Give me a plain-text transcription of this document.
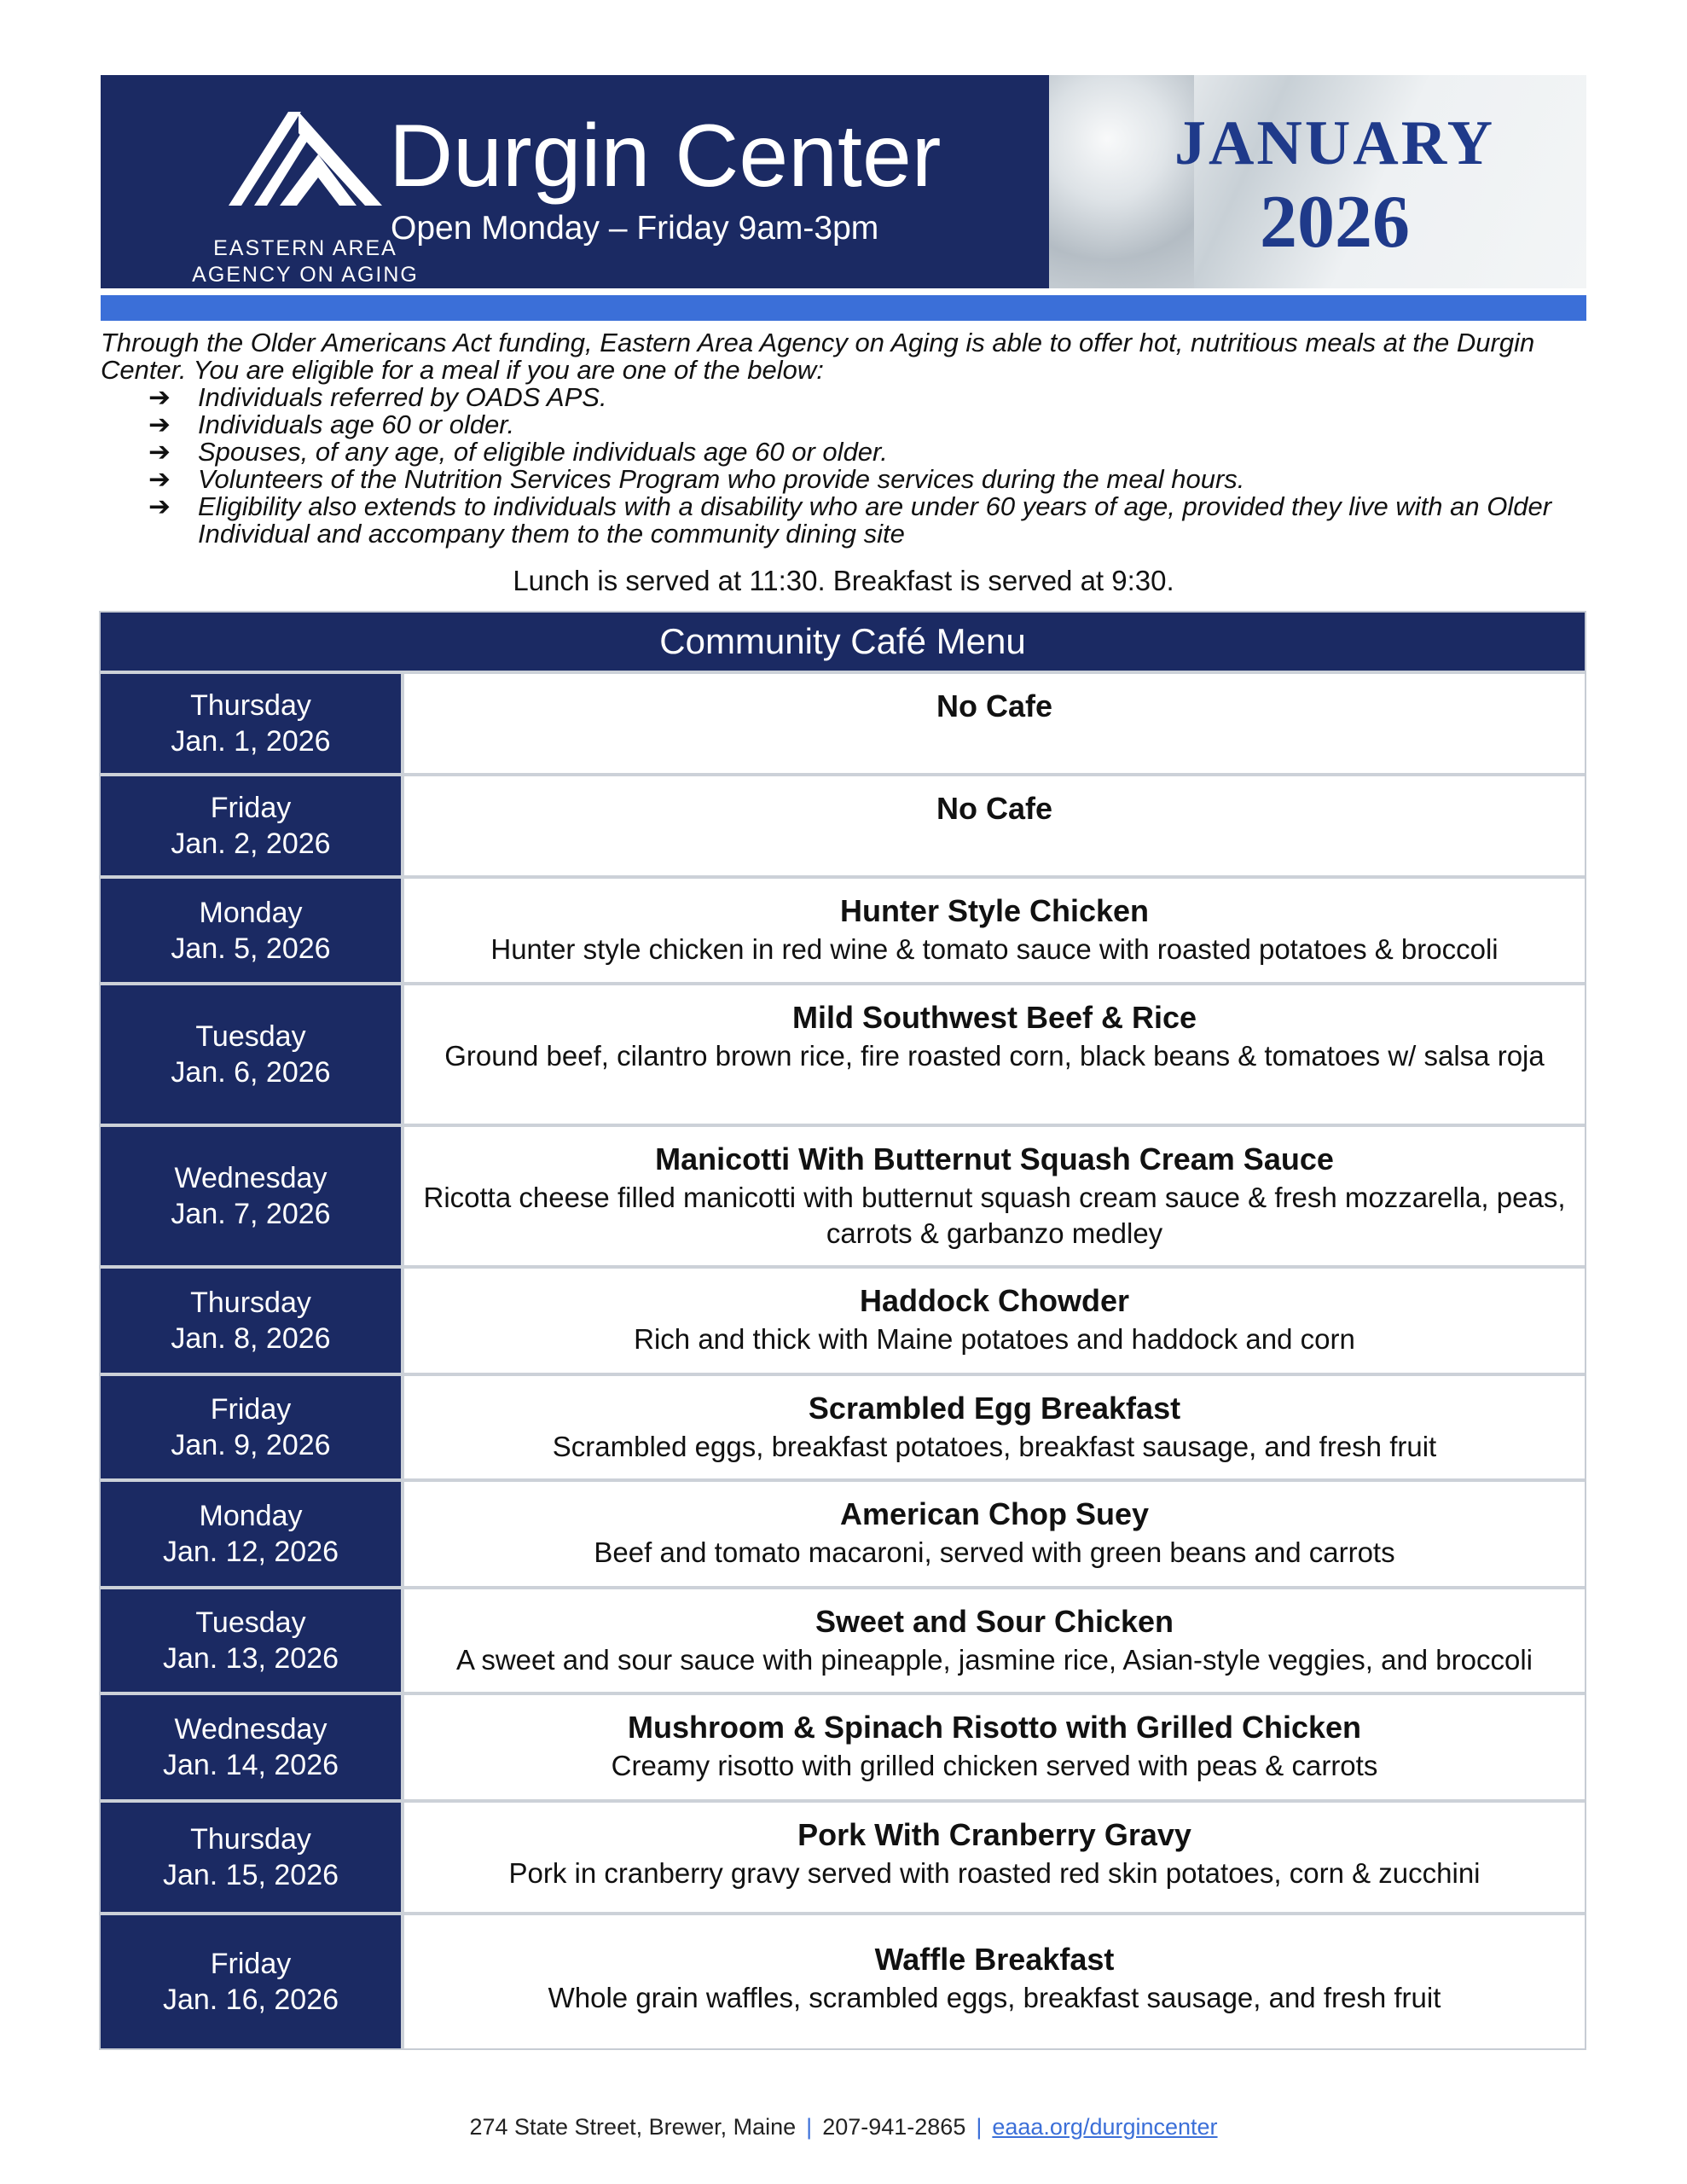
EASTERN AREA
AGENCY ON AGING
Durgin Center
Open Monday – Friday 9am-3pm
JANUARY
2026
Through the Older Americans Act funding, Eastern Area Agency on Aging is able to offer hot, nutritious meals at the Durgin Center. You are eligible for a meal if you are one of the below:
➔ Individuals referred by OADS APS.
➔ Individuals age 60 or older.
➔ Spouses, of any age, of eligible individuals age 60 or older.
➔ Volunteers of the Nutrition Services Program who provide services during the meal hours.
➔ Eligibility also extends to individuals with a disability who are under 60 years of age, provided they live with an Older Individual and accompany them to the community dining site
Lunch is served at 11:30. Breakfast is served at 9:30.
Community Café Menu
Thursday
Jan. 1, 2026
No Cafe
Friday
Jan. 2, 2026
No Cafe
Monday
Jan. 5, 2026
Hunter Style Chicken
Hunter style chicken in red wine & tomato sauce with roasted potatoes & broccoli
Tuesday
Jan. 6, 2026
Mild Southwest Beef & Rice
Ground beef, cilantro brown rice, fire roasted corn, black beans & tomatoes w/ salsa roja
Wednesday
Jan. 7, 2026
Manicotti With Butternut Squash Cream Sauce
Ricotta cheese filled manicotti with butternut squash cream sauce & fresh mozzarella, peas, carrots & garbanzo medley
Thursday
Jan. 8, 2026
Haddock Chowder
Rich and thick with Maine potatoes and haddock and corn
Friday
Jan. 9, 2026
Scrambled Egg Breakfast
Scrambled eggs, breakfast potatoes, breakfast sausage, and fresh fruit
Monday
Jan. 12, 2026
American Chop Suey
Beef and tomato macaroni, served with green beans and carrots
Tuesday
Jan. 13, 2026
Sweet and Sour Chicken
A sweet and sour sauce with pineapple, jasmine rice, Asian-style veggies, and broccoli
Wednesday
Jan. 14, 2026
Mushroom & Spinach Risotto with Grilled Chicken
Creamy risotto with grilled chicken served with peas & carrots
Thursday
Jan. 15, 2026
Pork With Cranberry Gravy
Pork in cranberry gravy served with roasted red skin potatoes, corn & zucchini
Friday
Jan. 16, 2026
Waffle Breakfast
Whole grain waffles, scrambled eggs, breakfast sausage, and fresh fruit
274 State Street, Brewer, Maine | 207-941-2865 | eaaa.org/durgincenter
